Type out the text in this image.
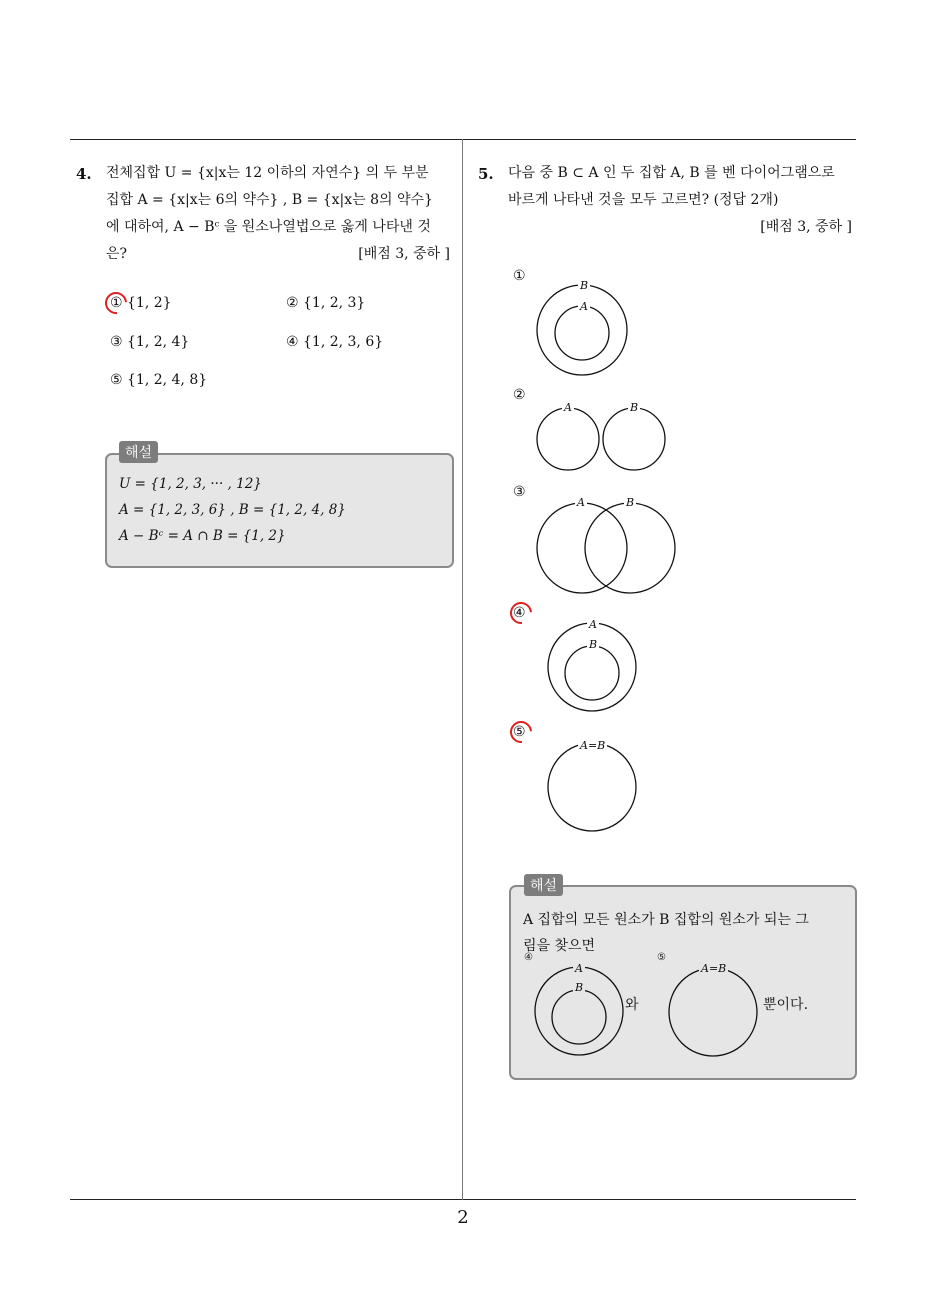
4. 전체집합 U = {x|x는 12 이하의 자연수} 의 두 부분
집합 A = {x|x는 6의 약수} , B = {x|x는 8의 약수}
에 대하여, A − Bᶜ 을 원소나열법으로 옳게 나타낸 것
은?	[배점 3, 중하 ]
① {1, 2}	② {1, 2, 3}
③ {1, 2, 4}	④ {1, 2, 3, 6}
⑤ {1, 2, 4, 8}
U = {1, 2, 3, ··· , 12}
A = {1, 2, 3, 6} , B = {1, 2, 4, 8}
A − Bᶜ = A ∩ B = {1, 2}
해설
5. 다음 중 B ⊂ A 인 두 집합 A, B 를 벤 다이어그램으로
바르게 나타낸 것을 모두 고르면? (정답 2개)
[배점 3, 중하 ]
①
②
③
④
⑤
B
A
A	B
A	B
A
B
A=B
A 집합의 모든 원소가 B 집합의 원소가 되는 그
림을 찾으면
④	⑤
A
B
와
A=B
뿐이다.
해설
2
